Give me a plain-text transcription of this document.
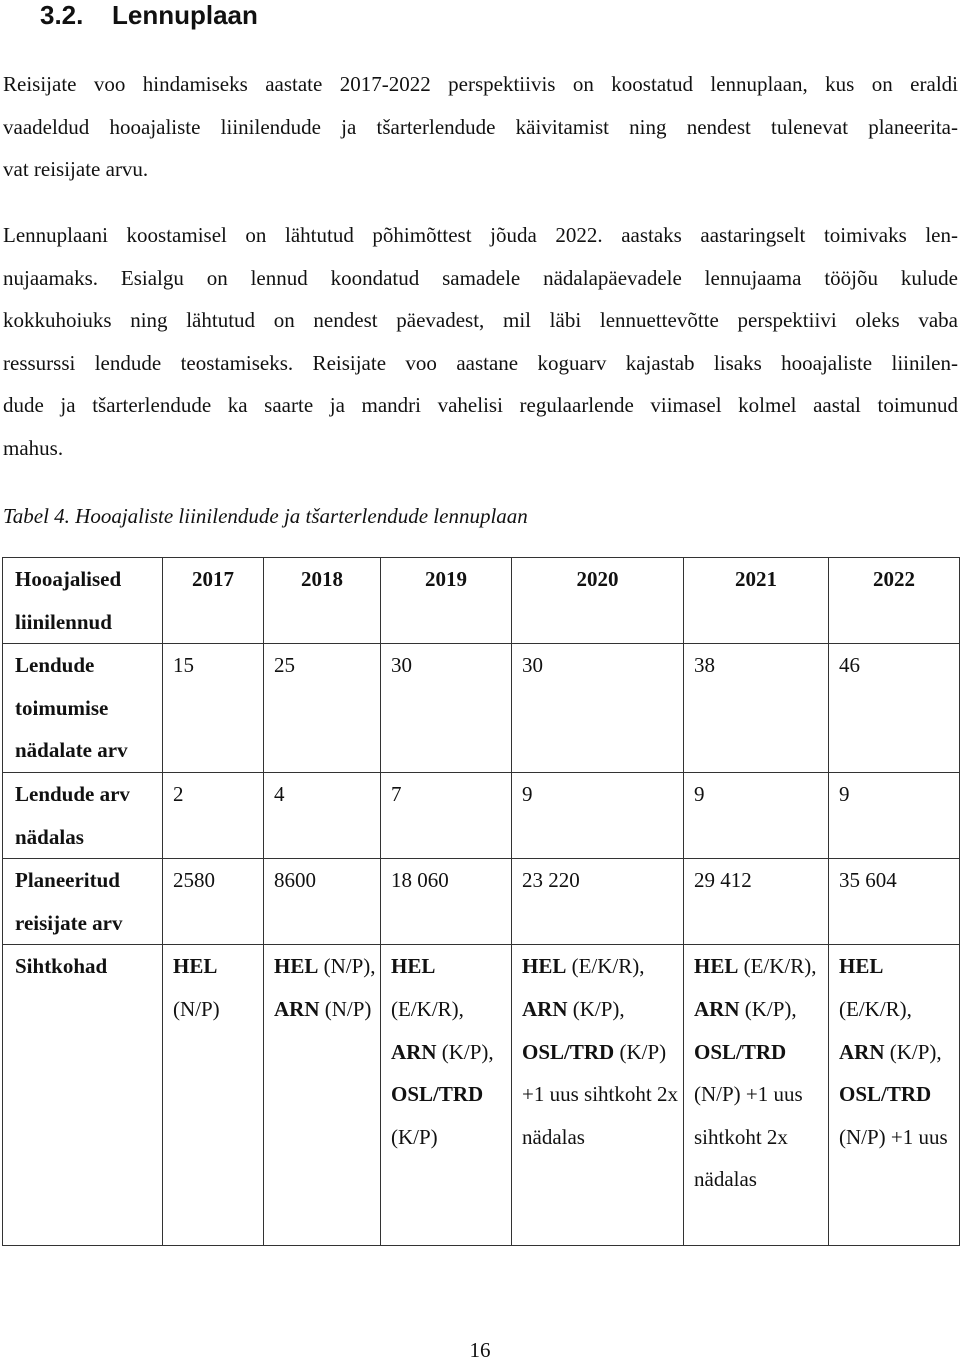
3.2. Lennuplaan
Reisijate voo hindamiseks aastate 2017-2022 perspektiivis on koostatud lennuplaan, kus on eraldi
vaadeldud hooajaliste liinilendude ja tšarterlendude käivitamist ning nendest tulenevat planeerita-
vat reisijate arvu.
Lennuplaani koostamisel on lähtutud põhimõttest jõuda 2022. aastaks aastaringselt toimivaks len-
nujaamaks. Esialgu on lennud koondatud samadele nädalapäevadele lennujaama tööjõu kulude
kokkuhoiuks ning lähtutud on nendest päevadest, mil läbi lennuettevõtte perspektiivi oleks vaba
ressurssi lendude teostamiseks. Reisijate voo aastane koguarv kajastab lisaks hooajaliste liinilen-
dude ja tšarterlendude ka saarte ja mandri vahelisi regulaarlende viimasel kolmel aastal toimunud
mahus.

Tabel 4. Hooajaliste liinilendude ja tšarterlendude lennuplaan

Hooajalised liinilennud	2017	2018	2019	2020	2021	2022
Lendude toimumise nädalate arv	15	25	30	30	38	46
Lendude arv nädalas	2	4	7	9	9	9
Planeeritud reisijate arv	2580	8600	18 060	23 220	29 412	35 604
Sihtkohad	HEL (N/P)	HEL (N/P), ARN (N/P)	HEL (E/K/R), ARN (K/P), OSL/TRD (K/P)	HEL (E/K/R), ARN (K/P), OSL/TRD (K/P) +1 uus sihtkoht 2x nädalas	HEL (E/K/R), ARN (K/P), OSL/TRD (N/P) +1 uus sihtkoht 2x nädalas	HEL (E/K/R), ARN (K/P), OSL/TRD (N/P) +1 uus

16
